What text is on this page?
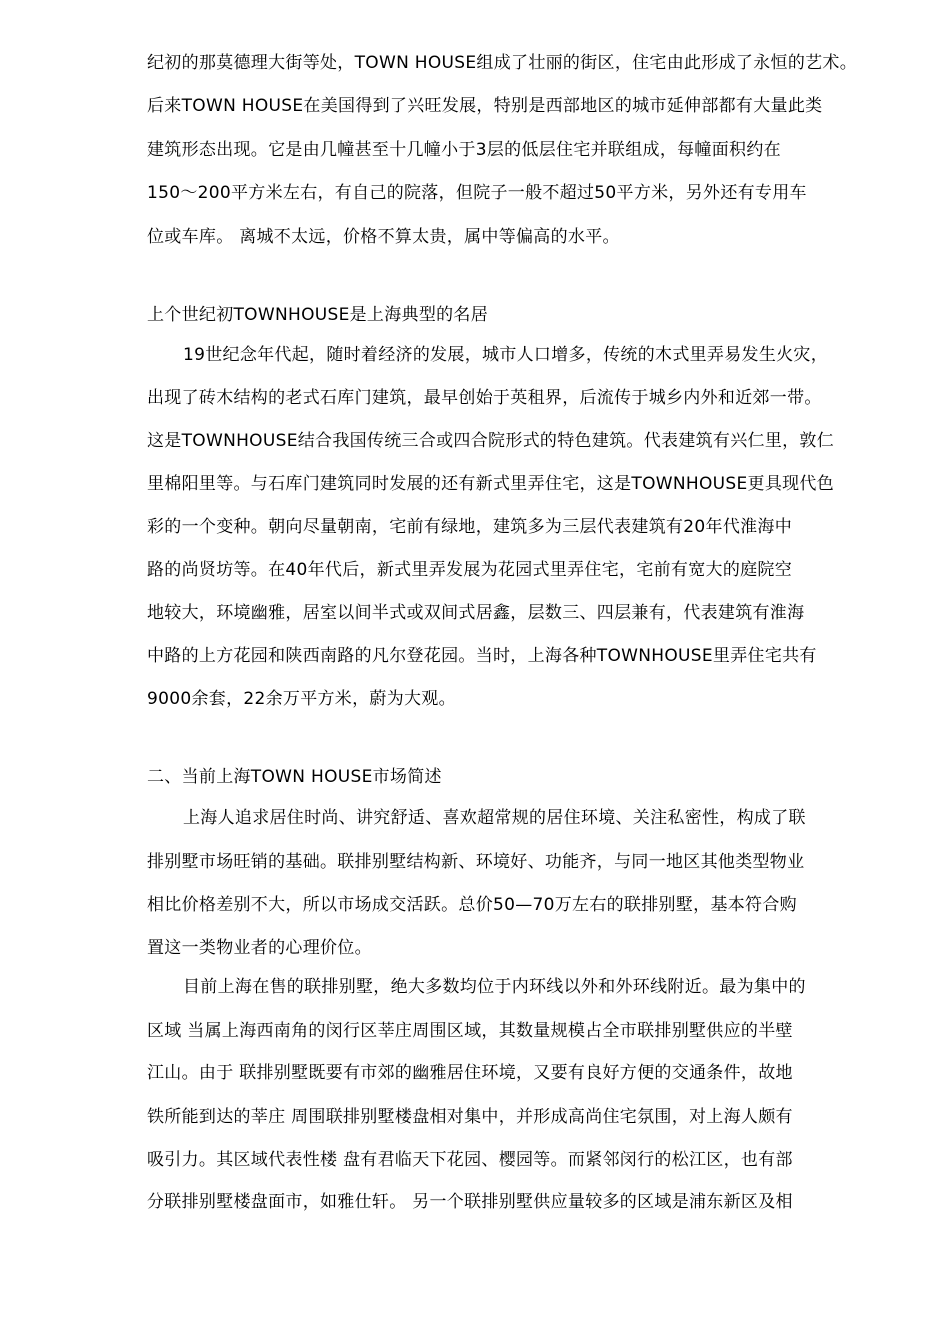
纪初的那莫德理大街等处，TOWN HOUSE组成了壮丽的街区，住宅由此形成了永恒的艺术。
后来TOWN HOUSE在美国得到了兴旺发展，特别是西部地区的城市延伸部都有大量此类
建筑形态出现。它是由几幢甚至十几幢小于3层的低层住宅并联组成，每幢面积约在
150～200平方米左右，有自己的院落，但院子一般不超过50平方米，另外还有专用车
位或车库。 离城不太远，价格不算太贵，属中等偏高的水平。
上个世纪初TOWNHOUSE是上海典型的名居
19世纪念年代起，随时着经济的发展，城市人口增多，传统的木式里弄易发生火灾，
出现了砖木结构的老式石库门建筑，最早创始于英租界，后流传于城乡内外和近郊一带。
这是TOWNHOUSE结合我国传统三合或四合院形式的特色建筑。代表建筑有兴仁里，敦仁
里棉阳里等。与石库门建筑同时发展的还有新式里弄住宅，这是TOWNHOUSE更具现代色
彩的一个变种。朝向尽量朝南，宅前有绿地，建筑多为三层代表建筑有20年代淮海中
路的尚贤坊等。在40年代后，新式里弄发展为花园式里弄住宅，宅前有宽大的庭院空
地较大，环境幽雅，居室以间半式或双间式居鑫，层数三、四层兼有，代表建筑有淮海
中路的上方花园和陕西南路的凡尔登花园。当时，上海各种TOWNHOUSE里弄住宅共有
9000余套，22余万平方米，蔚为大观。
二、当前上海TOWN HOUSE市场简述
上海人追求居住时尚、讲究舒适、喜欢超常规的居住环境、关注私密性，构成了联
排别墅市场旺销的基础。联排别墅结构新、环境好、功能齐，与同一地区其他类型物业
相比价格差别不大，所以市场成交活跃。总价50—70万左右的联排别墅，基本符合购
置这一类物业者的心理价位。
目前上海在售的联排别墅，绝大多数均位于内环线以外和外环线附近。最为集中的
区域 当属上海西南角的闵行区莘庄周围区域，其数量规模占全市联排别墅供应的半壁
江山。由于 联排别墅既要有市郊的幽雅居住环境，又要有良好方便的交通条件，故地
铁所能到达的莘庄 周围联排别墅楼盘相对集中，并形成高尚住宅氛围，对上海人颇有
吸引力。其区域代表性楼 盘有君临天下花园、樱园等。而紧邻闵行的松江区，也有部
分联排别墅楼盘面市，如雅仕轩。 另一个联排别墅供应量较多的区域是浦东新区及相
